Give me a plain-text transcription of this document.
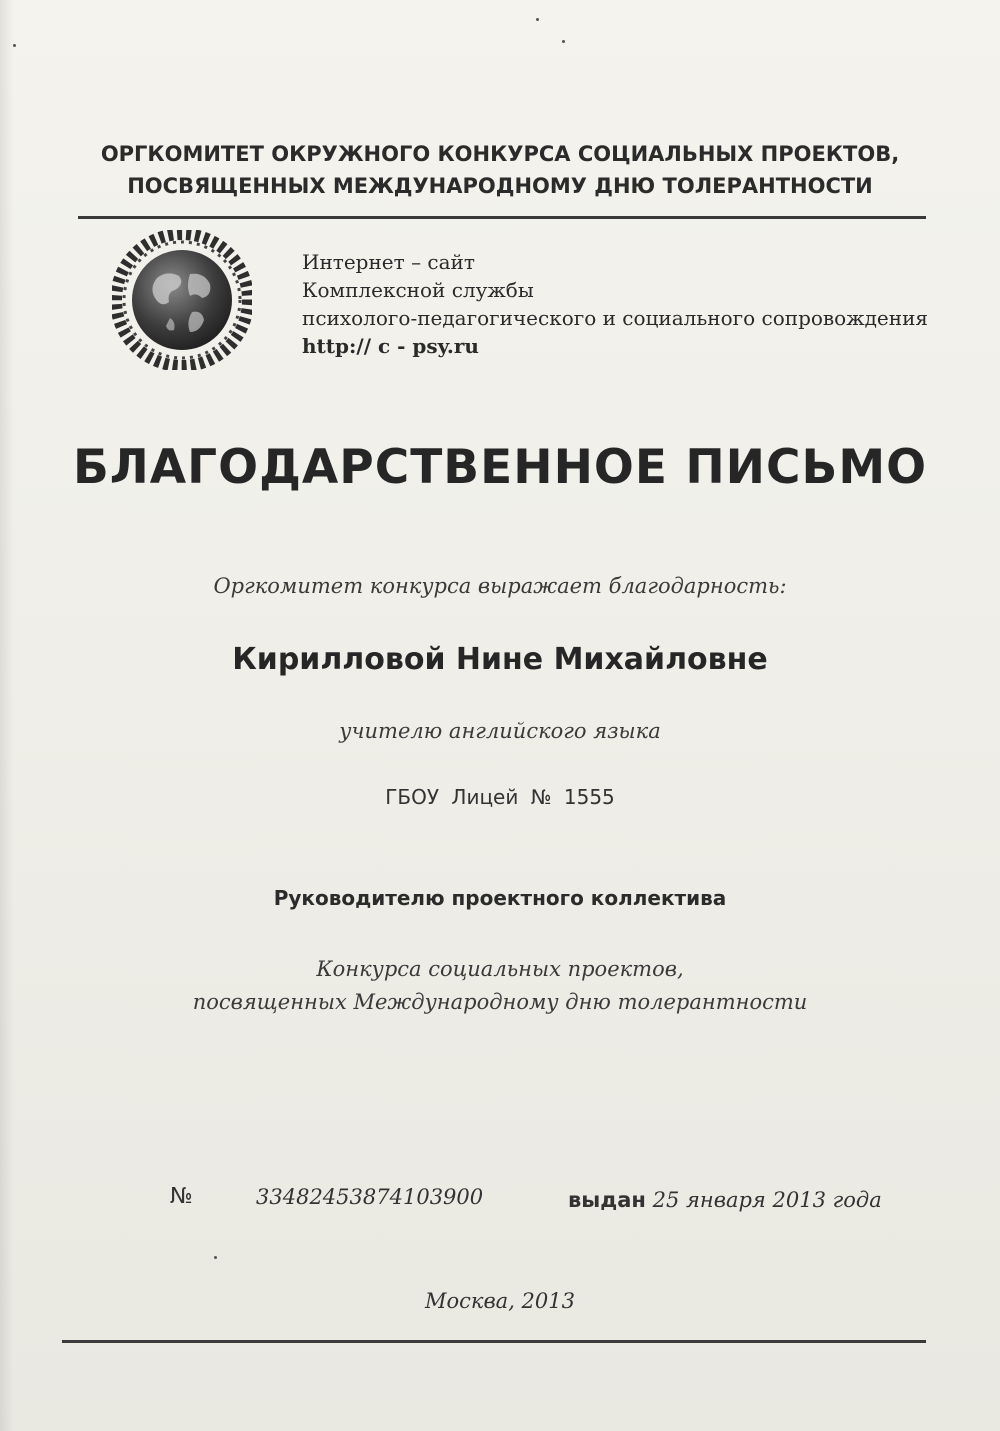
ОРГКОМИТЕТ ОКРУЖНОГО КОНКУРСА СОЦИАЛЬНЫХ ПРОЕКТОВ,
ПОСВЯЩЕННЫХ МЕЖДУНАРОДНОМУ ДНЮ ТОЛЕРАНТНОСТИ
Интернет – сайт
Комплексной службы
психолого-педагогического и социального сопровождения
http:// c - psy.ru
БЛАГОДАРСТВЕННОЕ ПИСЬМО
Оргкомитет конкурса выражает благодарность:
Кирилловой Нине Михайловне
учителю английского языка
ГБОУ Лицей № 1555
Руководителю проектного коллектива
Конкурса социальных проектов,
посвященных Международному дню толерантности
№	33482453874103900	выдан 25 января 2013 года
Москва, 2013
